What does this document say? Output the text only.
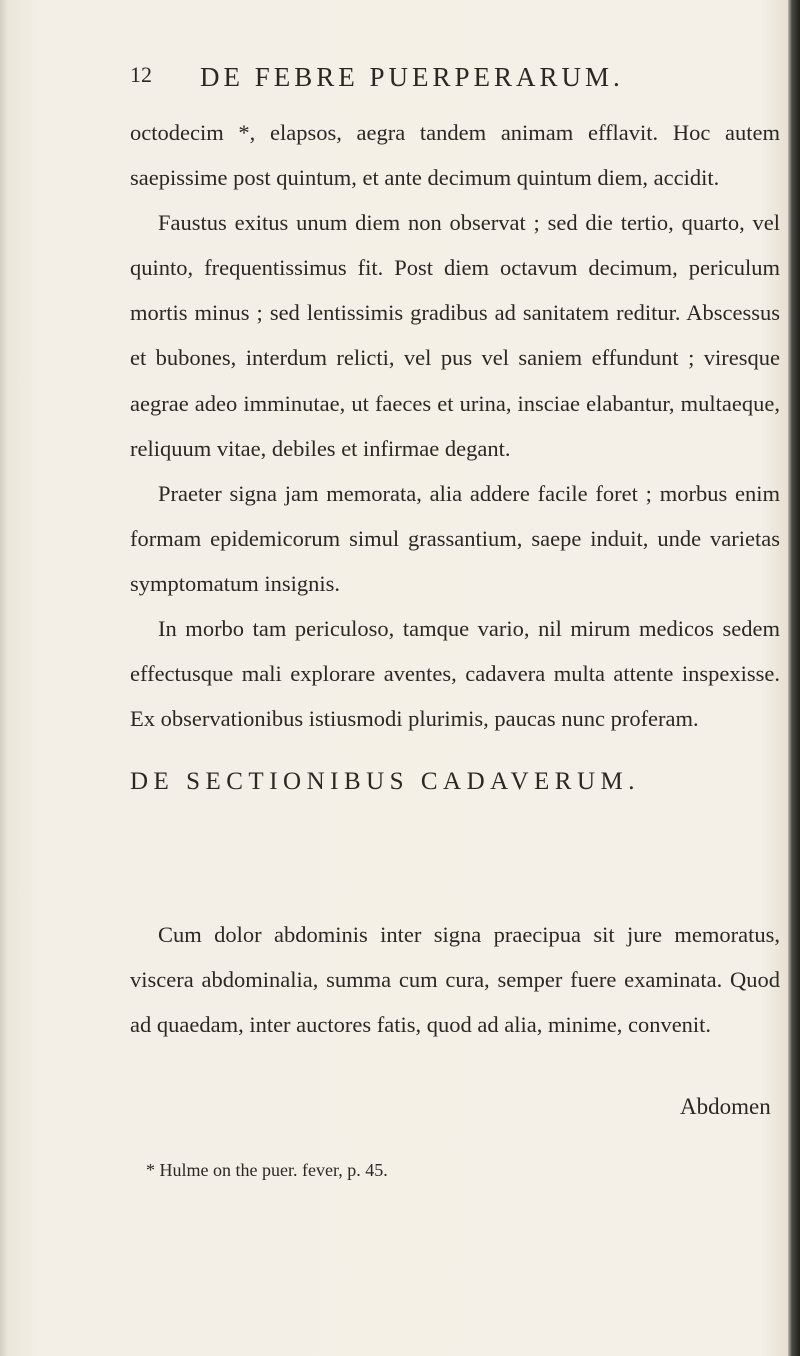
12 DE FEBRE PUERPERARUM.

octodecim *, elapsos, aegra tandem animam efflavit. Hoc autem saepissime post quintum, et ante decimum quintum diem, accidit.

Faustus exitus unum diem non observat ; sed die tertio, quarto, vel quinto, frequentissimus fit. Post diem octavum decimum, periculum mortis minus ; sed lentissimis gradibus ad sanitatem reditur. Abscessus et bubones, interdum relicti, vel pus vel saniem effundunt ; viresque aegrae adeo imminutae, ut faeces et urina, insciae elabantur, multaeque, reliquum vitae, debiles et infirmae degant.

Praeter signa jam memorata, alia addere facile foret ; morbus enim formam epidemicorum simul grassantium, saepe induit, unde varietas symptomatum insignis.

In morbo tam periculoso, tamque vario, nil mirum medicos sedem effectusque mali explorare aventes, cadavera multa attente inspexisse. Ex observationibus istiusmodi plurimis, paucas nunc proferam.

DE SECTIONIBUS CADAVERUM.

Cum dolor abdominis inter signa praecipua sit jure memoratus, viscera abdominalia, summa cum cura, semper fuere examinata. Quod ad quaedam, inter auctores fatis, quod ad alia, minime, convenit.

Abdomen
* Hulme on the puer. fever, p. 45.
